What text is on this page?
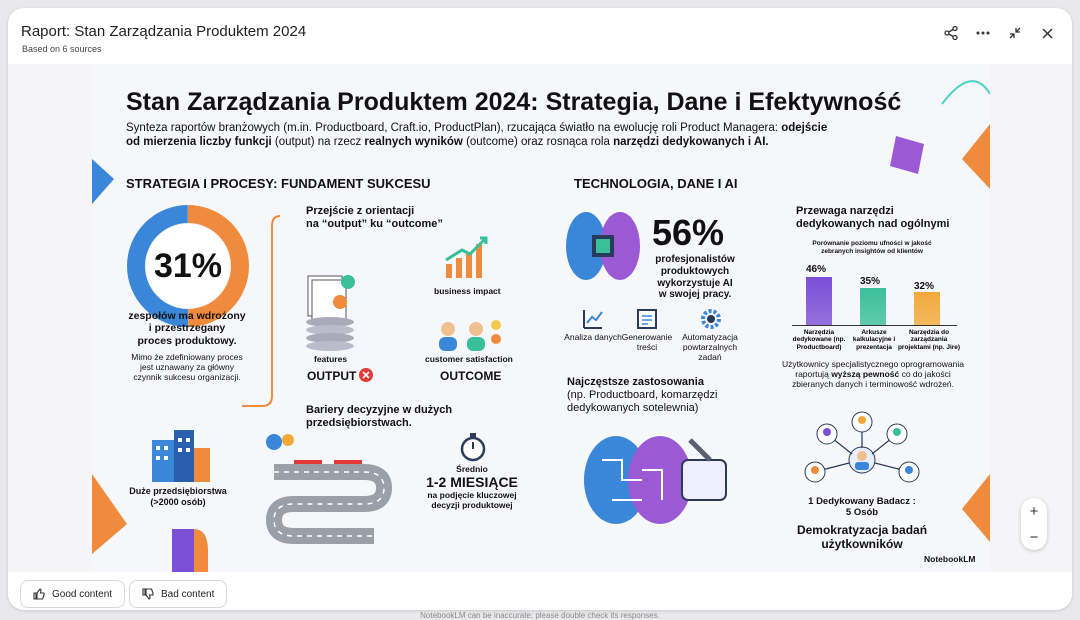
Raport: Stan Zarządzania Produktem 2024
Based on 6 sources
Stan Zarządzania Produktem 2024: Strategia, Dane i Efektywność
Synteza raportów branżowych (m.in. Productboard, Craft.io, ProductPlan), rzucająca światło na ewolucję roli Product Managera: odejście
od mierzenia liczby funkcji (output) na rzecz realnych wyników (outcome) oraz rosnąca rola narzędzi dedykowanych i AI.
STRATEGIA I PROCESY: FUNDAMENT SUKCESU
31%
zespołów ma wdrożony
i przestrzegany
proces produktowy.
Mimo że zdefiniowany proces
jest uznawany za główny
czynnik sukcesu organizacji.
Przejście z orientacji
na “output” ku “outcome”
business impact
features
OUTPUT
customer satisfaction
OUTCOME
Bariery decyzyjne w dużych
przedsiębiorstwach.
Średnio
1-2 MIESIĄCE
na podjęcie kluczowej
decyzji produktowej
Duże przedsiębiorstwa
(>2000 osób)
TECHNOLOGIA, DANE I AI
56%
profesjonalistów
produktowych
wykorzystuje AI
w swojej pracy.
Analiza danych Generowanie treści
Automatyzacja powtarzalnych zadań
Najczęstsze zastosowania
(np. Productboard, komarzędzi
dedykowanych sotelewnia)
Przewaga narzędzi
dedykowanych nad ogólnymi
Porównanie poziomu ufności w jakość
zebranych insightów od klientów
46%
35%	32%
Narzędzia dedykowane (np. Productboard)
Arkusze kalkulacyjne i prezentacja
Narzędzia do zarządzania projektami (np. Jire)
Użytkownicy specjalistycznego oprogramowania
raportują wyższą pewność co do jakości
zbieranych danych i terminowość wdrożeń.
1 Dedykowany Badacz :
5 Osób
Demokratyzacja badań
użytkowników
NotebookLM
+
−
Good content	Bad content
NotebookLM can be inaccurate; please double check its responses.
